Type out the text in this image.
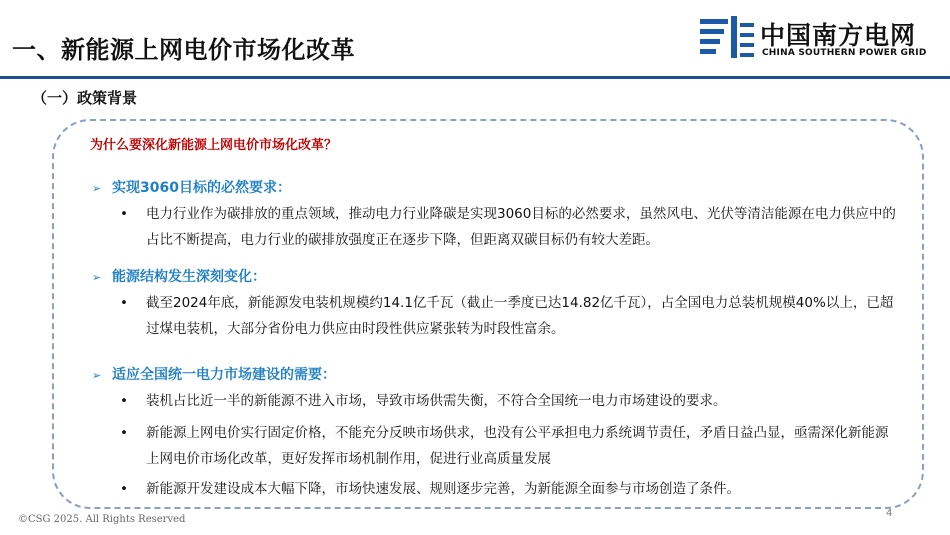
一、新能源上网电价市场化改革	中国南方电网
CHINA SOUTHERN POWER GRID
（一）政策背景
为什么要深化新能源上网电价市场化改革？
➢ 实现3060目标的必然要求：
• 电力行业作为碳排放的重点领域，推动电力行业降碳是实现3060目标的必然要求，虽然风电、光伏等清洁能源在电力供应中的占比不断提高，电力行业的碳排放强度正在逐步下降，但距离双碳目标仍有较大差距。
➢ 能源结构发生深刻变化：
• 截至2024年底，新能源发电装机规模约14.1亿千瓦（截止一季度已达14.82亿千瓦），占全国电力总装机规模40%以上，已超过煤电装机，大部分省份电力供应由时段性供应紧张转为时段性富余。
➢ 适应全国统一电力市场建设的需要：
• 装机占比近一半的新能源不进入市场，导致市场供需失衡，不符合全国统一电力市场建设的要求。
• 新能源上网电价实行固定价格，不能充分反映市场供求，也没有公平承担电力系统调节责任，矛盾日益凸显，亟需深化新能源上网电价市场化改革，更好发挥市场机制作用，促进行业高质量发展
• 新能源开发建设成本大幅下降，市场快速发展、规则逐步完善，为新能源全面参与市场创造了条件。
©CSG 2025. All Rights Reserved
4
